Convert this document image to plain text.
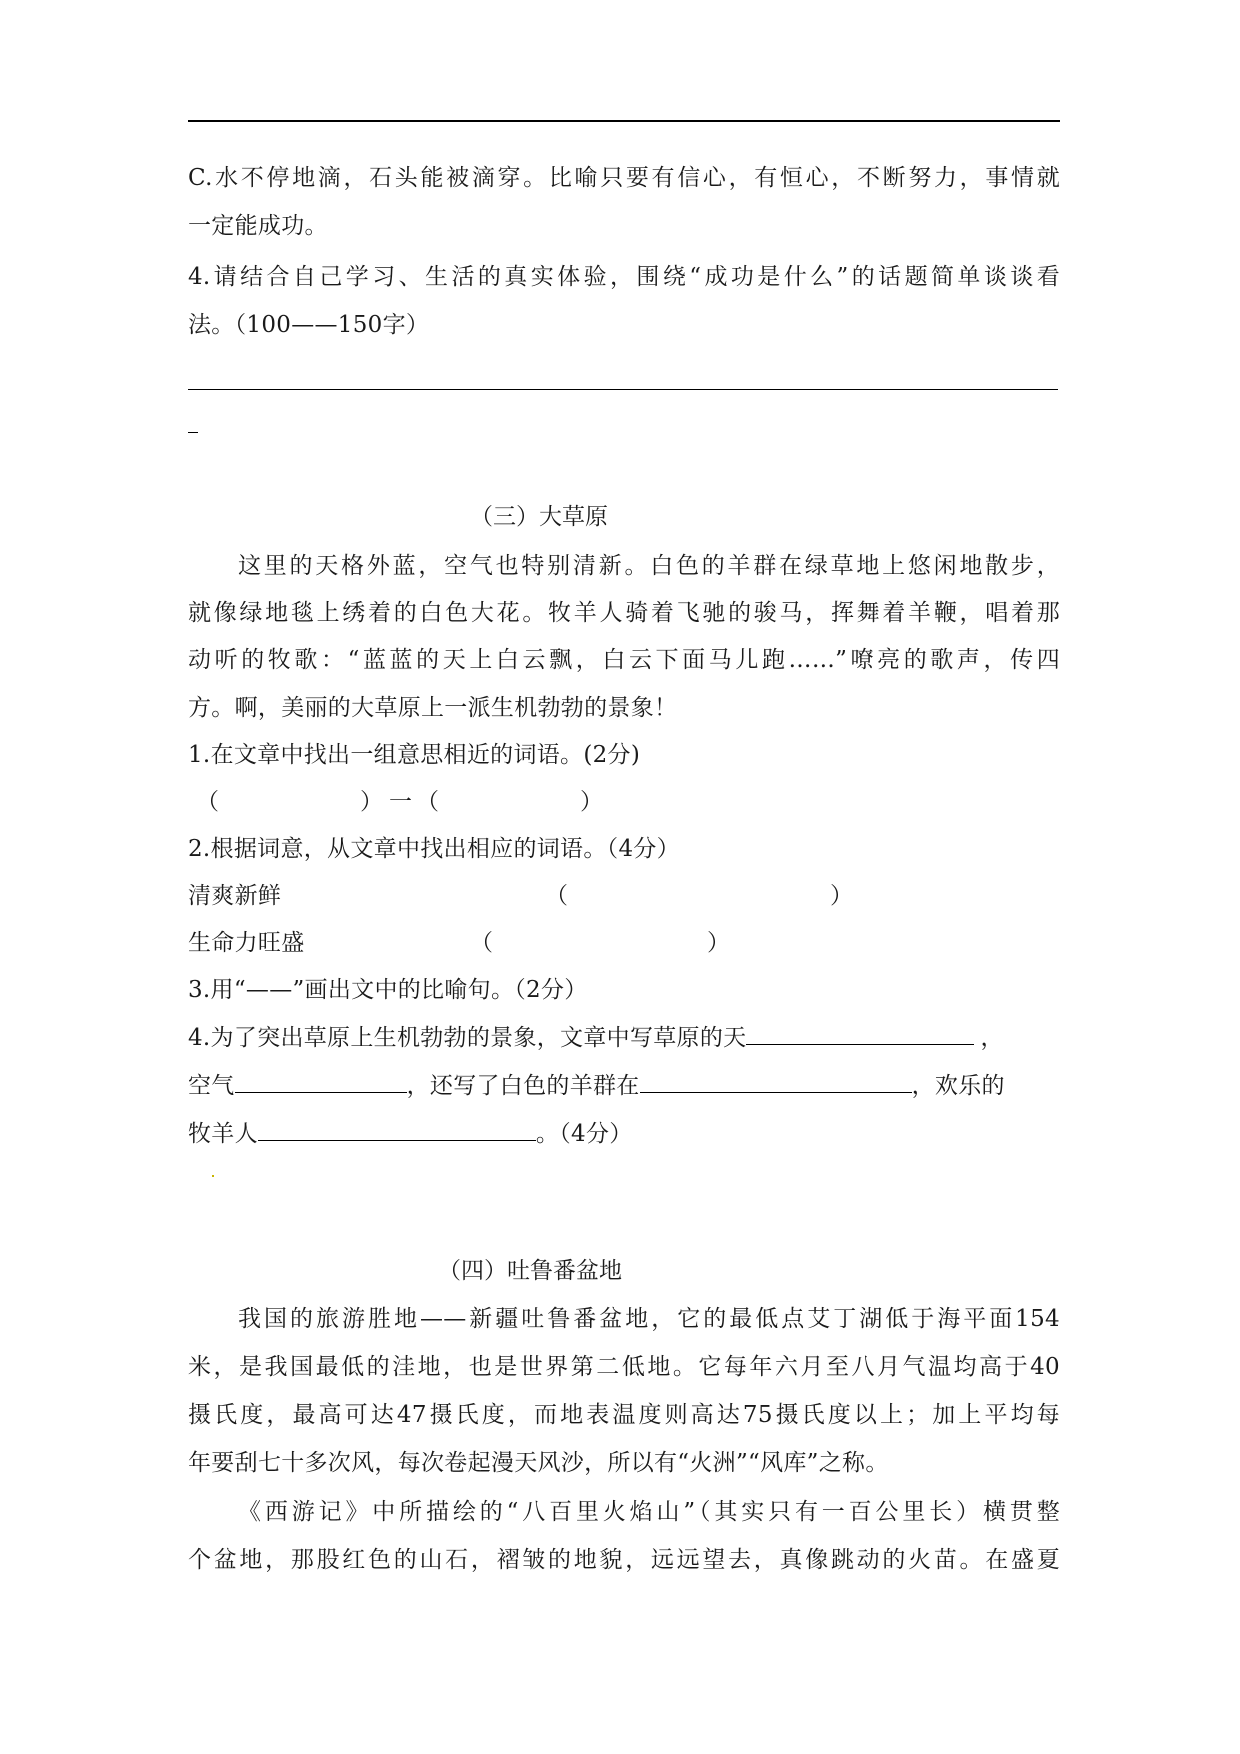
C.水不停地滴，石头能被滴穿。比喻只要有信心，有恒心，不断努力，事情就
一定能成功。
4.请结合自己学习、生活的真实体验，围绕“成功是什么”的话题简单谈谈看
法。（100——150字）
（三）大草原
这里的天格外蓝，空气也特别清新。白色的羊群在绿草地上悠闲地散步，
就像绿地毯上绣着的白色大花。牧羊人骑着飞驰的骏马，挥舞着羊鞭，唱着那
动听的牧歌：“蓝蓝的天上白云飘，白云下面马儿跑……”嘹亮的歌声，传四
方。啊，美丽的大草原上一派生机勃勃的景象！
1.在文章中找出一组意思相近的词语。(2分)
（	） 一 （	）
2.根据词意，从文章中找出相应的词语。（4分）
清爽新鲜	（	）
生命力旺盛	（	）
3.用“——”画出文中的比喻句。（2分）
4.为了突出草原上生机勃勃的景象，文章中写草原的天	，
空气	，还写了白色的羊群在	，欢乐的
牧羊人	。（4分）
（四）吐鲁番盆地
我国的旅游胜地——新疆吐鲁番盆地，它的最低点艾丁湖低于海平面154
米，是我国最低的洼地，也是世界第二低地。它每年六月至八月气温均高于40
摄氏度，最高可达47摄氏度，而地表温度则高达75摄氏度以上；加上平均每
年要刮七十多次风，每次卷起漫天风沙，所以有“火洲”“风库”之称。
《西游记》中所描绘的“八百里火焰山”（其实只有一百公里长）横贯整
个盆地，那股红色的山石，褶皱的地貌，远远望去，真像跳动的火苗。在盛夏
